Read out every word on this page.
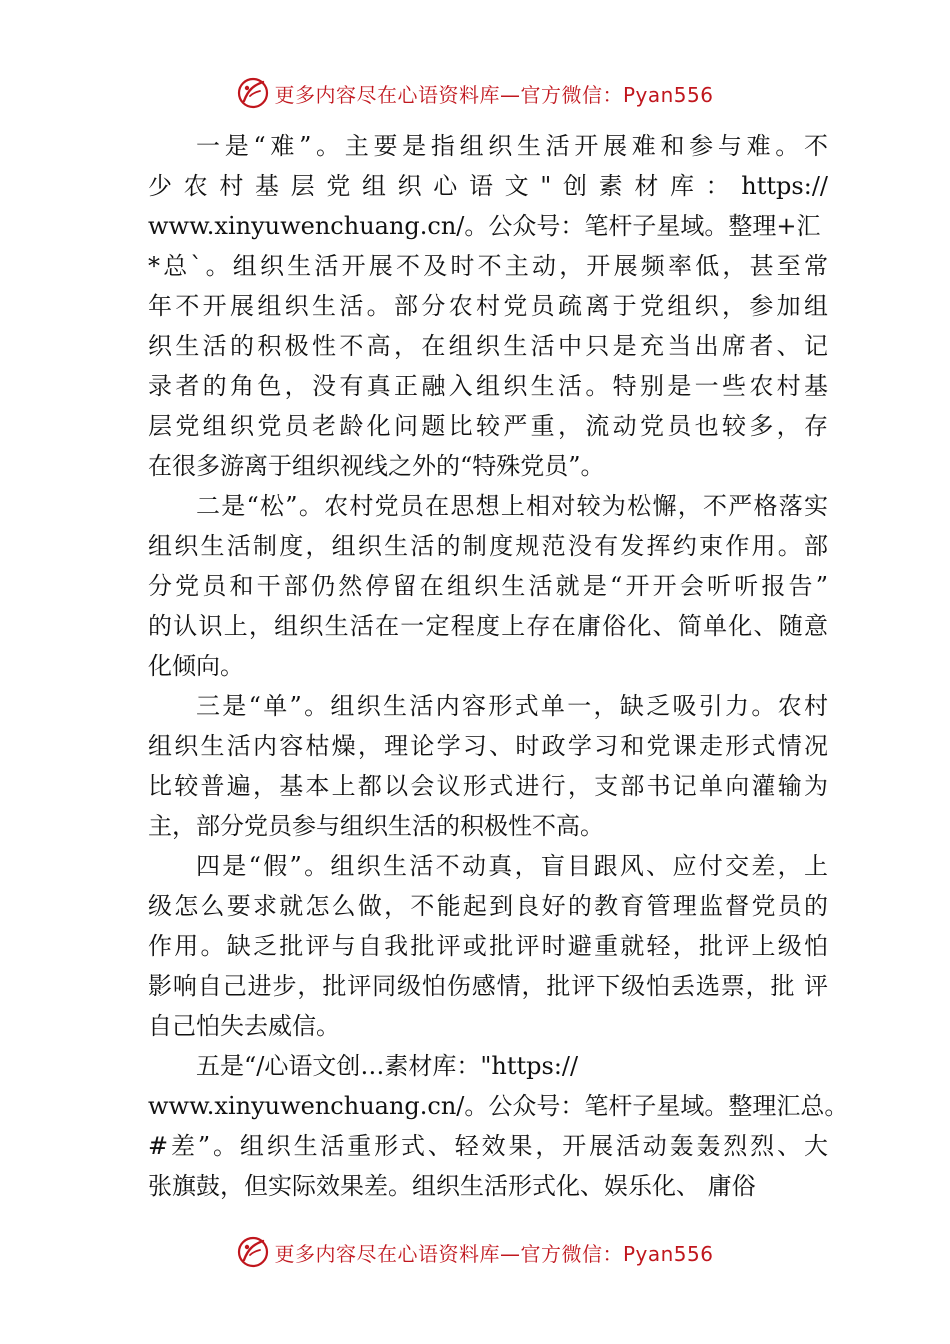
更多内容尽在心语资料库—官方微信：Pyan556

一是“难”。主要是指组织生活开展难和参与难。不
少农村基层党组织心语文"创素材库：https://
www.xinyuwenchuang.cn/。公众号：笔杆子星域。整理+汇
*总`。组织生活开展不及时不主动，开展频率低，甚至常
年不开展组织生活。部分农村党员疏离于党组织，参加组
织生活的积极性不高，在组织生活中只是充当出席者、记
录者的角色，没有真正融入组织生活。特别是一些农村基
层党组织党员老龄化问题比较严重，流动党员也较多，存
在很多游离于组织视线之外的“特殊党员”。

二是“松”。农村党员在思想上相对较为松懈，不严格落实
组织生活制度，组织生活的制度规范没有发挥约束作用。部
分党员和干部仍然停留在组织生活就是“开开会听听报告”
的认识上，组织生活在一定程度上存在庸俗化、简单化、随意
化倾向。

三是“单”。组织生活内容形式单一，缺乏吸引力。农村
组织生活内容枯燥，理论学习、时政学习和党课走形式情况
比较普遍，基本上都以会议形式进行，支部书记单向灌输为
主，部分党员参与组织生活的积极性不高。

四是“假”。组织生活不动真，盲目跟风、应付交差，上
级怎么要求就怎么做，不能起到良好的教育管理监督党员的
作用。缺乏批评与自我批评或批评时避重就轻，批评上级怕
影响自己进步，批评同级怕伤感情，批评下级怕丢选票，批 评
自己怕失去威信。

五是“/心语文创…素材库："https://
www.xinyuwenchuang.cn/。公众号：笔杆子星域。整理汇总。
#差”。组织生活重形式、轻效果，开展活动轰轰烈烈、大
张旗鼓，但实际效果差。组织生活形式化、娱乐化、 庸俗

更多内容尽在心语资料库—官方微信：Pyan556
